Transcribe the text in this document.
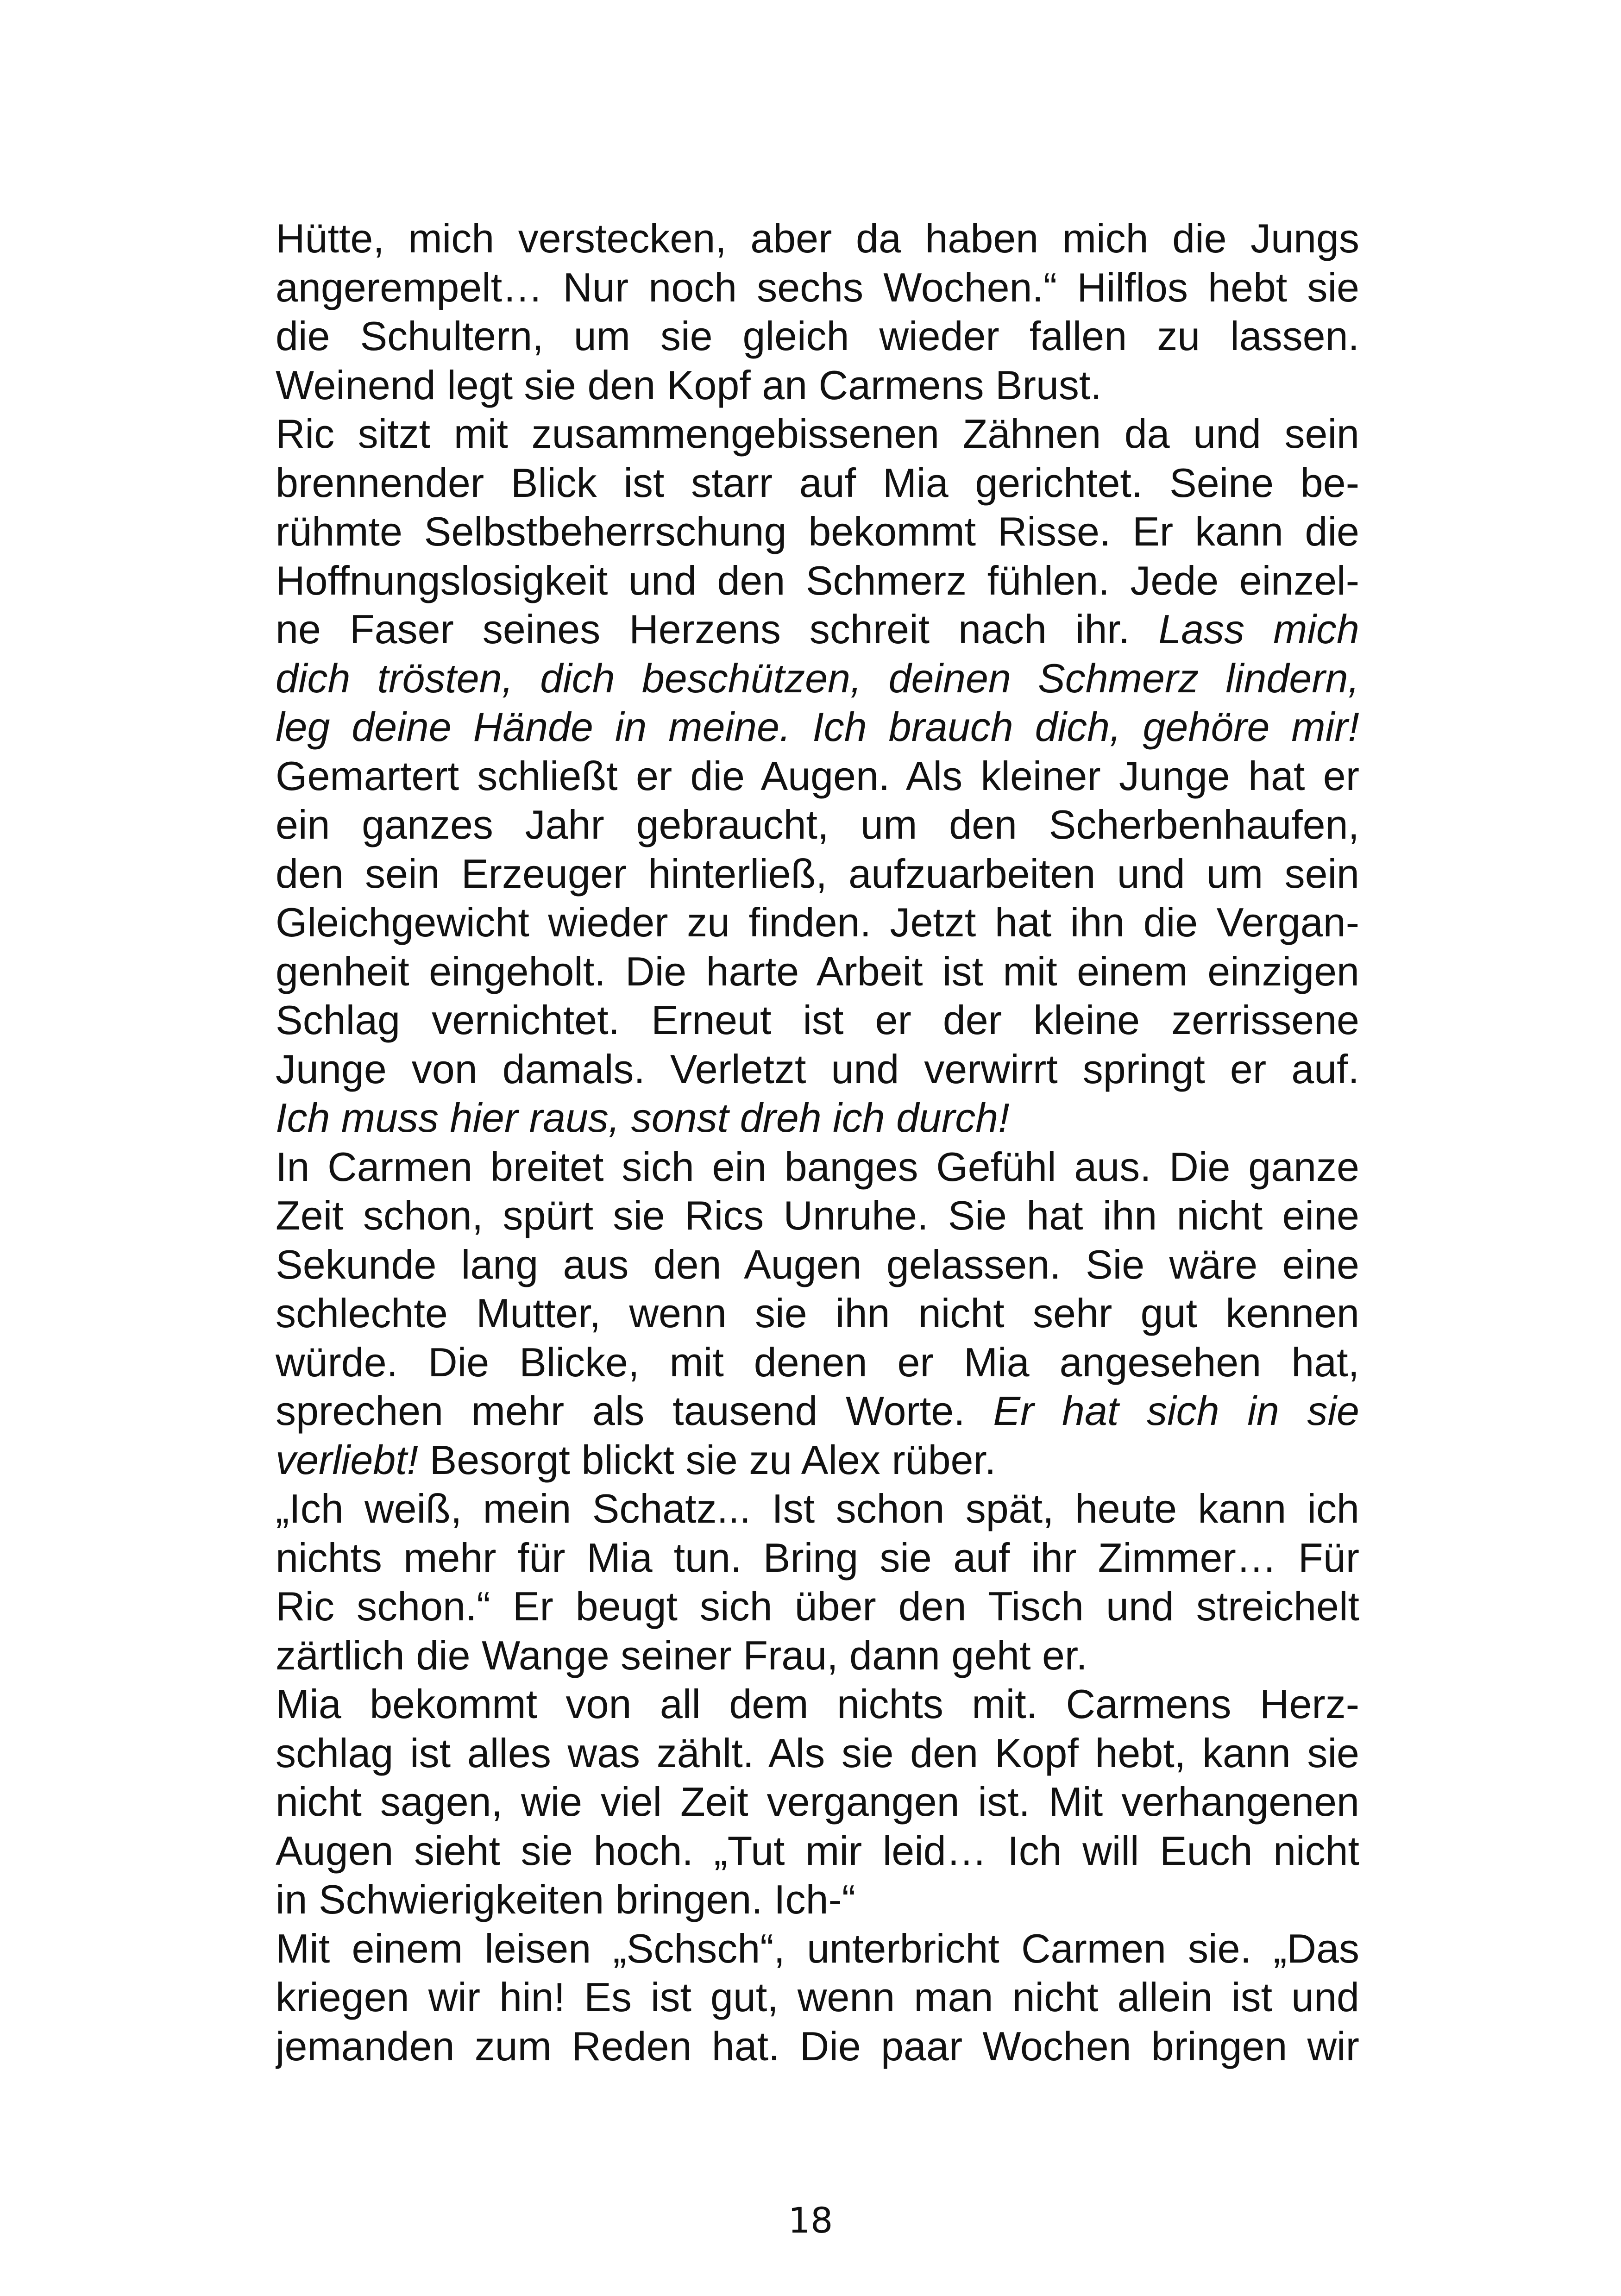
Hütte, mich verstecken, aber da haben mich die Jungs
angerempelt… Nur noch sechs Wochen.“ Hilflos hebt sie
die Schultern, um sie gleich wieder fallen zu lassen.
Weinend legt sie den Kopf an Carmens Brust.
Ric sitzt mit zusammengebissenen Zähnen da und sein
brennender Blick ist starr auf Mia gerichtet. Seine be-
rühmte Selbstbeherrschung bekommt Risse. Er kann die
Hoffnungslosigkeit und den Schmerz fühlen. Jede einzel-
ne Faser seines Herzens schreit nach ihr. Lass mich
dich trösten, dich beschützen, deinen Schmerz lindern,
leg deine Hände in meine. Ich brauch dich, gehöre mir!
Gemartert schließt er die Augen. Als kleiner Junge hat er
ein ganzes Jahr gebraucht, um den Scherbenhaufen,
den sein Erzeuger hinterließ, aufzuarbeiten und um sein
Gleichgewicht wieder zu finden. Jetzt hat ihn die Vergan-
genheit eingeholt. Die harte Arbeit ist mit einem einzigen
Schlag vernichtet. Erneut ist er der kleine zerrissene
Junge von damals. Verletzt und verwirrt springt er auf.
Ich muss hier raus, sonst dreh ich durch!
In Carmen breitet sich ein banges Gefühl aus. Die ganze
Zeit schon, spürt sie Rics Unruhe. Sie hat ihn nicht eine
Sekunde lang aus den Augen gelassen. Sie wäre eine
schlechte Mutter, wenn sie ihn nicht sehr gut kennen
würde. Die Blicke, mit denen er Mia angesehen hat,
sprechen mehr als tausend Worte. Er hat sich in sie
verliebt! Besorgt blickt sie zu Alex rüber.
„Ich weiß, mein Schatz... Ist schon spät, heute kann ich
nichts mehr für Mia tun. Bring sie auf ihr Zimmer… Für
Ric schon.“ Er beugt sich über den Tisch und streichelt
zärtlich die Wange seiner Frau, dann geht er.
Mia bekommt von all dem nichts mit. Carmens Herz-
schlag ist alles was zählt. Als sie den Kopf hebt, kann sie
nicht sagen, wie viel Zeit vergangen ist. Mit verhangenen
Augen sieht sie hoch. „Tut mir leid… Ich will Euch nicht
in Schwierigkeiten bringen. Ich-“
Mit einem leisen „Schsch“, unterbricht Carmen sie. „Das
kriegen wir hin! Es ist gut, wenn man nicht allein ist und
jemanden zum Reden hat. Die paar Wochen bringen wir
18
